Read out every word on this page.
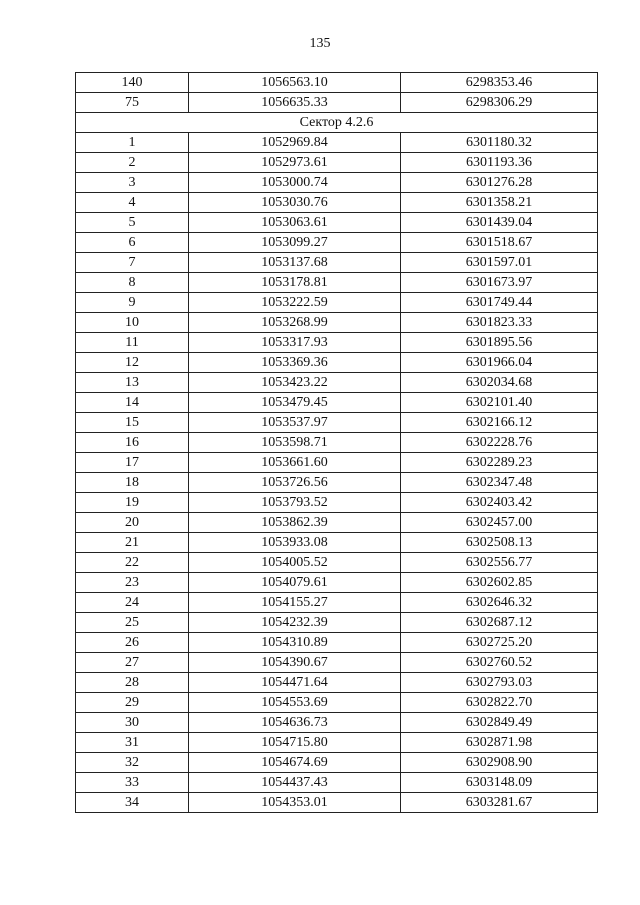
135
140	1056563.10	6298353.46
75	1056635.33	6298306.29
Сектор 4.2.6		
1	1052969.84	6301180.32
2	1052973.61	6301193.36
3	1053000.74	6301276.28
4	1053030.76	6301358.21
5	1053063.61	6301439.04
6	1053099.27	6301518.67
7	1053137.68	6301597.01
8	1053178.81	6301673.97
9	1053222.59	6301749.44
10	1053268.99	6301823.33
11	1053317.93	6301895.56
12	1053369.36	6301966.04
13	1053423.22	6302034.68
14	1053479.45	6302101.40
15	1053537.97	6302166.12
16	1053598.71	6302228.76
17	1053661.60	6302289.23
18	1053726.56	6302347.48
19	1053793.52	6302403.42
20	1053862.39	6302457.00
21	1053933.08	6302508.13
22	1054005.52	6302556.77
23	1054079.61	6302602.85
24	1054155.27	6302646.32
25	1054232.39	6302687.12
26	1054310.89	6302725.20
27	1054390.67	6302760.52
28	1054471.64	6302793.03
29	1054553.69	6302822.70
30	1054636.73	6302849.49
31	1054715.80	6302871.98
32	1054674.69	6302908.90
33	1054437.43	6303148.09
34	1054353.01	6303281.67
